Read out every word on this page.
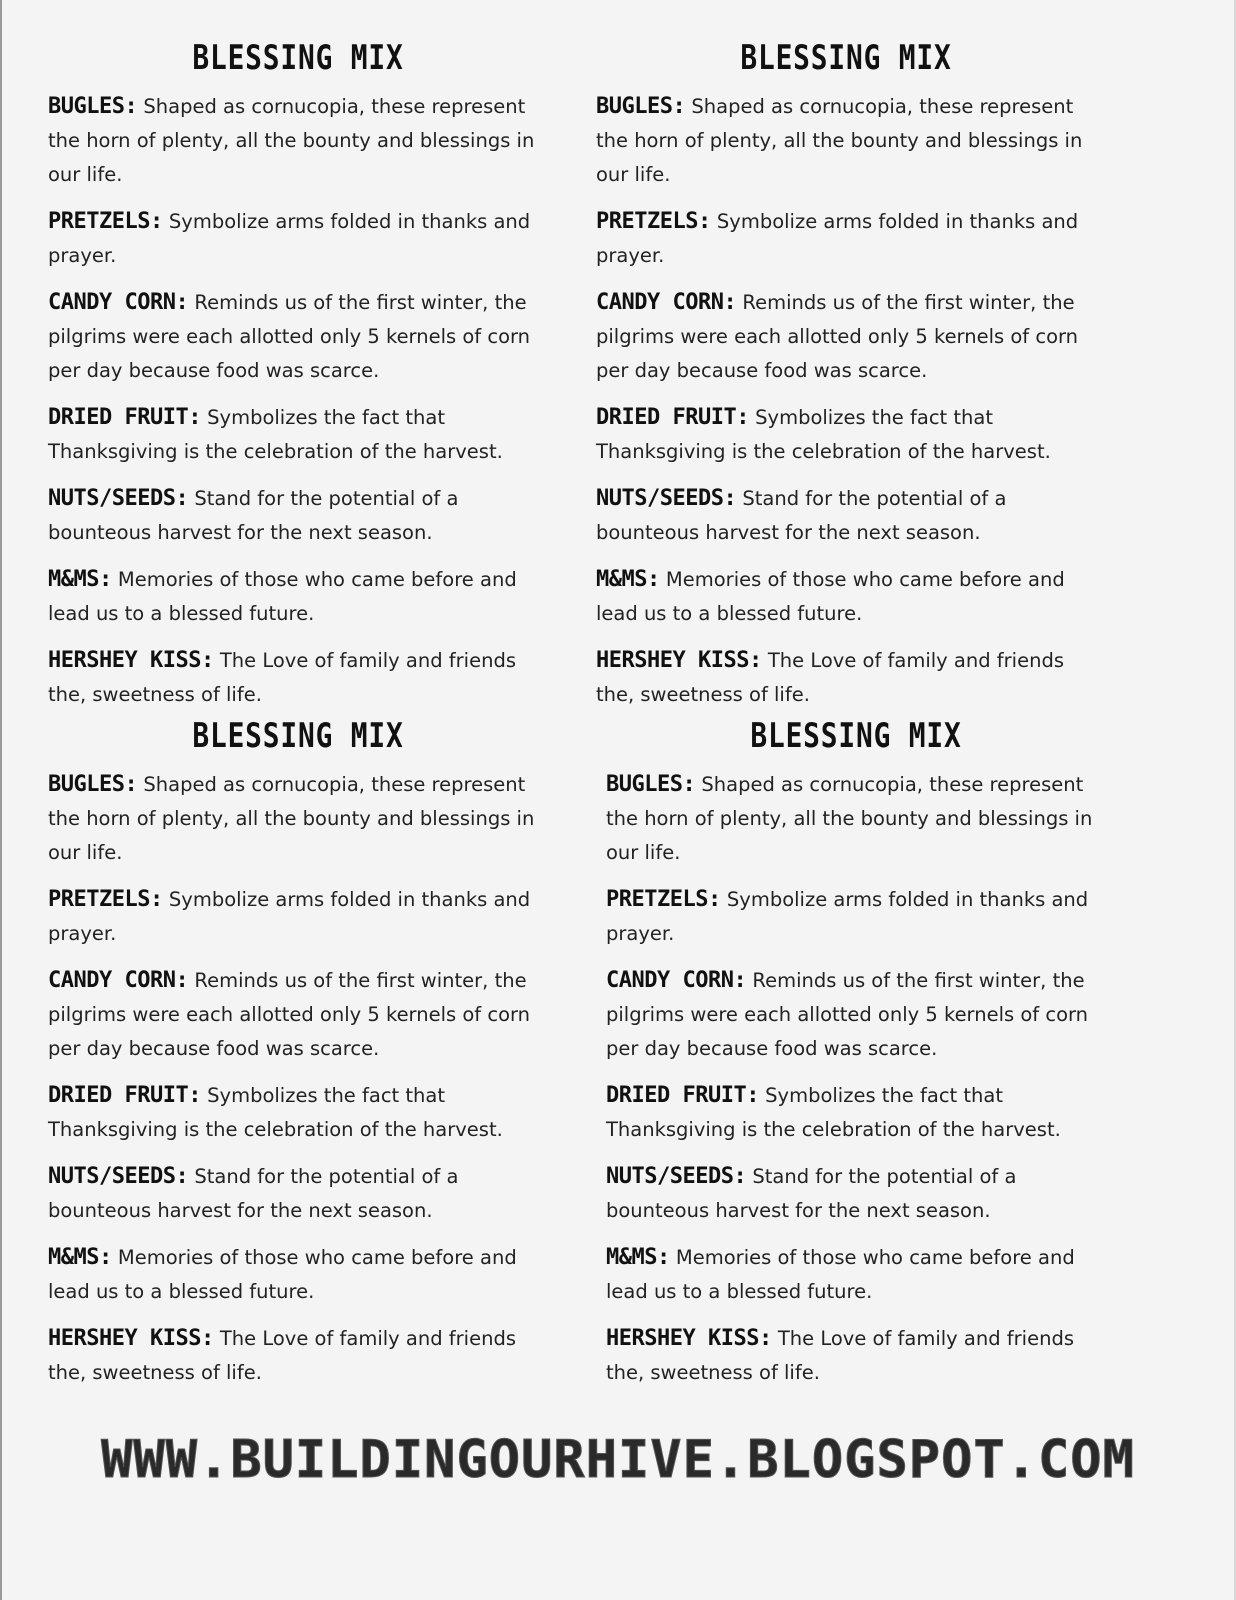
BLESSING MIX
BUGLES: Shaped as cornucopia, these represent the horn of plenty, all the bounty and blessings in our life.
PRETZELS: Symbolize arms folded in thanks and prayer.
CANDY CORN: Reminds us of the first winter, the pilgrims were each allotted only 5 kernels of corn per day because food was scarce.
DRIED FRUIT: Symbolizes the fact that Thanksgiving is the celebration of the harvest.
NUTS/SEEDS: Stand for the potential of a bounteous harvest for the next season.
M&MS: Memories of those who came before and lead us to a blessed future.
HERSHEY KISS: The Love of family and friends the, sweetness of life.
BLESSING MIX
BUGLES: Shaped as cornucopia, these represent the horn of plenty, all the bounty and blessings in our life.
PRETZELS: Symbolize arms folded in thanks and prayer.
CANDY CORN: Reminds us of the first winter, the pilgrims were each allotted only 5 kernels of corn per day because food was scarce.
DRIED FRUIT: Symbolizes the fact that Thanksgiving is the celebration of the harvest.
NUTS/SEEDS: Stand for the potential of a bounteous harvest for the next season.
M&MS: Memories of those who came before and lead us to a blessed future.
HERSHEY KISS: The Love of family and friends the, sweetness of life.
BLESSING MIX
BUGLES: Shaped as cornucopia, these represent the horn of plenty, all the bounty and blessings in our life.
PRETZELS: Symbolize arms folded in thanks and prayer.
CANDY CORN: Reminds us of the first winter, the pilgrims were each allotted only 5 kernels of corn per day because food was scarce.
DRIED FRUIT: Symbolizes the fact that Thanksgiving is the celebration of the harvest.
NUTS/SEEDS: Stand for the potential of a bounteous harvest for the next season.
M&MS: Memories of those who came before and lead us to a blessed future.
HERSHEY KISS: The Love of family and friends the, sweetness of life.
BLESSING MIX
BUGLES: Shaped as cornucopia, these represent the horn of plenty, all the bounty and blessings in our life.
PRETZELS: Symbolize arms folded in thanks and prayer.
CANDY CORN: Reminds us of the first winter, the pilgrims were each allotted only 5 kernels of corn per day because food was scarce.
DRIED FRUIT: Symbolizes the fact that Thanksgiving is the celebration of the harvest.
NUTS/SEEDS: Stand for the potential of a bounteous harvest for the next season.
M&MS: Memories of those who came before and lead us to a blessed future.
HERSHEY KISS: The Love of family and friends the, sweetness of life.
WWW.BUILDINGOURHIVE.BLOGSPOT.COM
